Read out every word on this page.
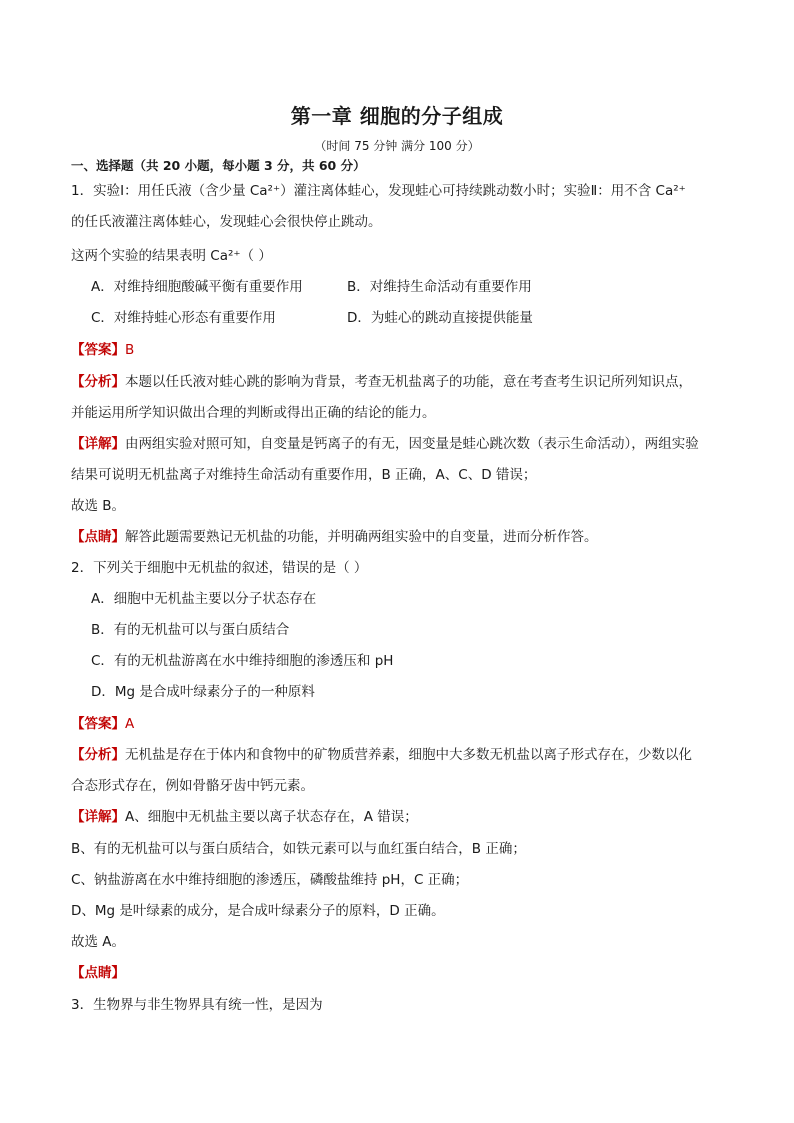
第一章 细胞的分子组成
（时间 75 分钟 满分 100 分）
一、选择题（共 20 小题，每小题 3 分，共 60 分）
1．实验Ⅰ：用任氏液（含少量 Ca²⁺）灌注离体蛙心，发现蛙心可持续跳动数小时；实验Ⅱ：用不含 Ca²⁺
的任氏液灌注离体蛙心，发现蛙心会很快停止跳动。
这两个实验的结果表明 Ca²⁺（ ）
A．对维持细胞酸碱平衡有重要作用	B．对维持生命活动有重要作用
C．对维持蛙心形态有重要作用	D．为蛙心的跳动直接提供能量
【答案】B
【分析】本题以任氏液对蛙心跳的影响为背景，考查无机盐离子的功能，意在考查考生识记所列知识点，
并能运用所学知识做出合理的判断或得出正确的结论的能力。
【详解】由两组实验对照可知，自变量是钙离子的有无，因变量是蛙心跳次数（表示生命活动），两组实验
结果可说明无机盐离子对维持生命活动有重要作用，B 正确，A、C、D 错误；
故选 B。
【点睛】解答此题需要熟记无机盐的功能，并明确两组实验中的自变量，进而分析作答。
2．下列关于细胞中无机盐的叙述，错误的是（ ）
A．细胞中无机盐主要以分子状态存在
B．有的无机盐可以与蛋白质结合
C．有的无机盐游离在水中维持细胞的渗透压和 pH
D．Mg 是合成叶绿素分子的一种原料
【答案】A
【分析】无机盐是存在于体内和食物中的矿物质营养素，细胞中大多数无机盐以离子形式存在，少数以化
合态形式存在，例如骨骼牙齿中钙元素。
【详解】A、细胞中无机盐主要以离子状态存在，A 错误；
B、有的无机盐可以与蛋白质结合，如铁元素可以与血红蛋白结合，B 正确；
C、钠盐游离在水中维持细胞的渗透压，磷酸盐维持 pH，C 正确；
D、Mg 是叶绿素的成分，是合成叶绿素分子的原料，D 正确。
故选 A。
【点睛】
3．生物界与非生物界具有统一性，是因为
